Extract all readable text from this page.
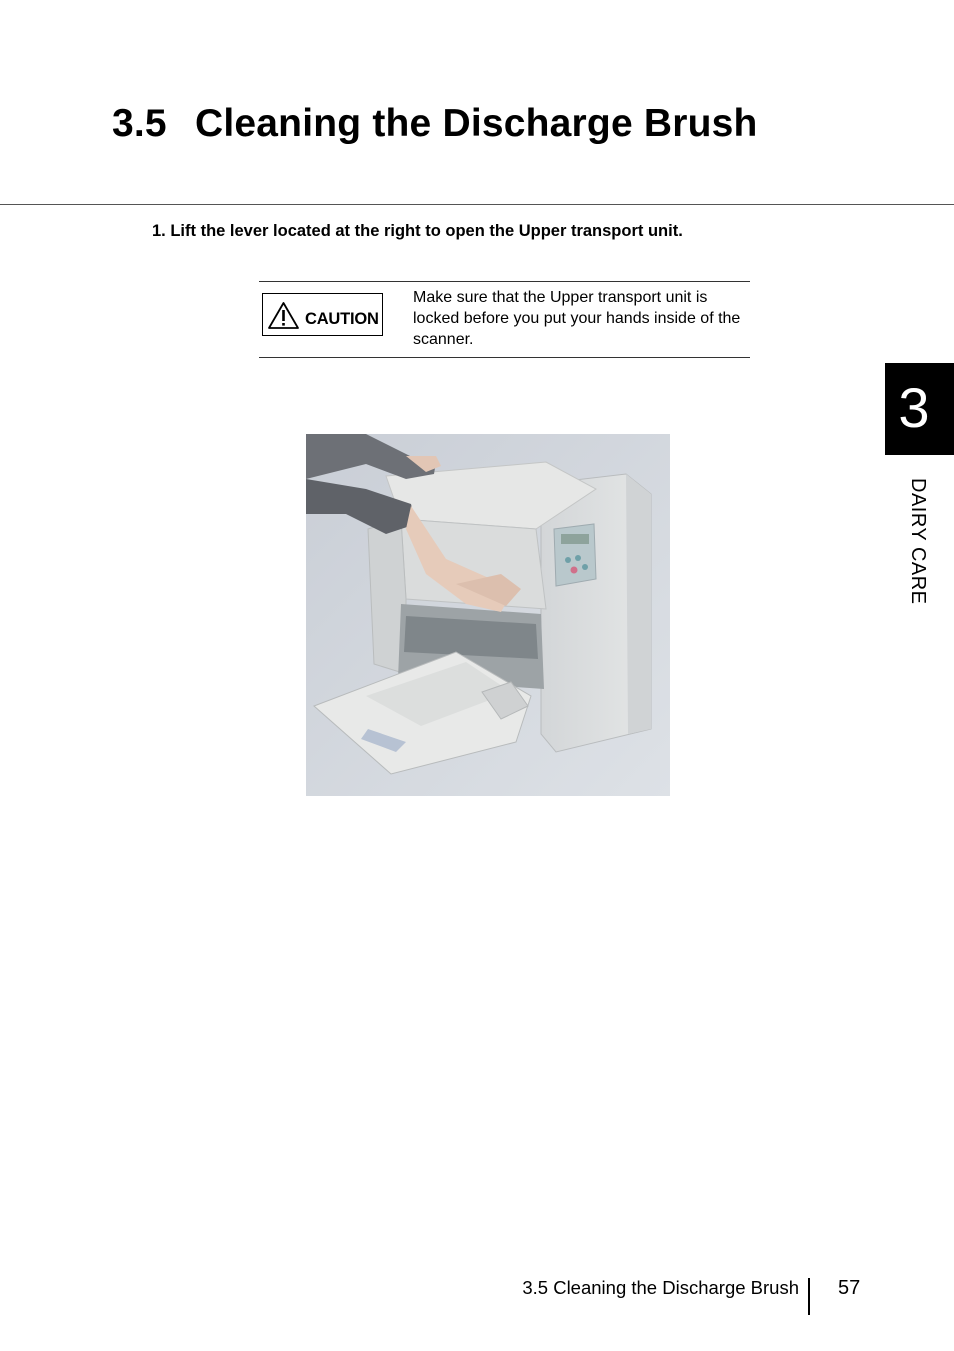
3.5 Cleaning the Discharge Brush
1. Lift the lever located at the right to open the Upper transport unit.
CAUTION

Make sure that the Upper transport unit is locked before you put your hands inside of the scanner.

3
DAIRY CARE
3.5 Cleaning the Discharge Brush 57
